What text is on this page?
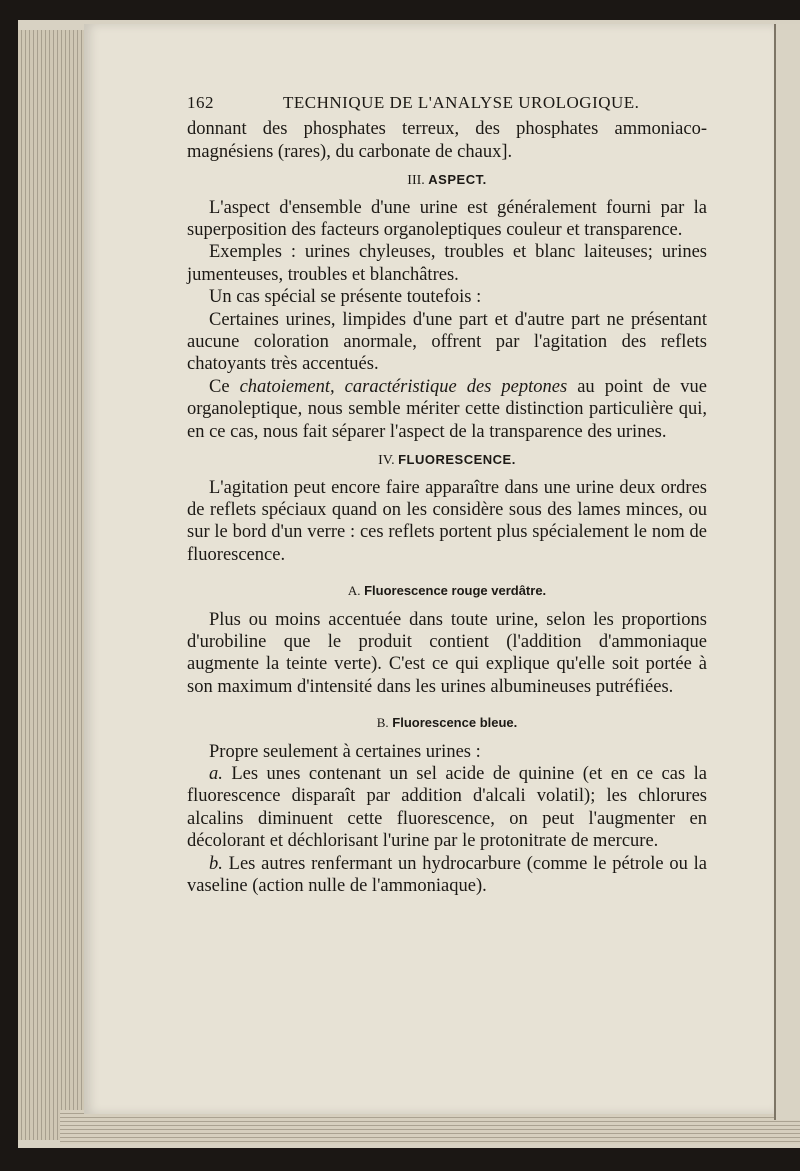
162	TECHNIQUE DE L'ANALYSE UROLOGIQUE.

donnant des phosphates terreux, des phosphates ammoniaco-magnésiens (rares), du carbonate de chaux].

III. ASPECT.

L'aspect d'ensemble d'une urine est généralement fourni par la superposition des facteurs organoleptiques couleur et transparence.

Exemples : urines chyleuses, troubles et blanc laiteuses; urines jumenteuses, troubles et blanchâtres.

Un cas spécial se présente toutefois :

Certaines urines, limpides d'une part et d'autre part ne présentant aucune coloration anormale, offrent par l'agitation des reflets chatoyants très accentués.

Ce chatoiement, caractéristique des peptones au point de vue organoleptique, nous semble mériter cette distinction particulière qui, en ce cas, nous fait séparer l'aspect de la transparence des urines.

IV. FLUORESCENCE.

L'agitation peut encore faire apparaître dans une urine deux ordres de reflets spéciaux quand on les considère sous des lames minces, ou sur le bord d'un verre : ces reflets portent plus spécialement le nom de fluorescence.

A. Fluorescence rouge verdâtre.

Plus ou moins accentuée dans toute urine, selon les proportions d'urobiline que le produit contient (l'addition d'ammoniaque augmente la teinte verte). C'est ce qui explique qu'elle soit portée à son maximum d'intensité dans les urines albumineuses putréfiées.

B. Fluorescence bleue.

Propre seulement à certaines urines :

a. Les unes contenant un sel acide de quinine (et en ce cas la fluorescence disparaît par addition d'alcali volatil); les chlorures alcalins diminuent cette fluorescence, on peut l'augmenter en décolorant et déchlorisant l'urine par le protonitrate de mercure.

b. Les autres renfermant un hydrocarbure (comme le pétrole ou la vaseline (action nulle de l'ammoniaque).
